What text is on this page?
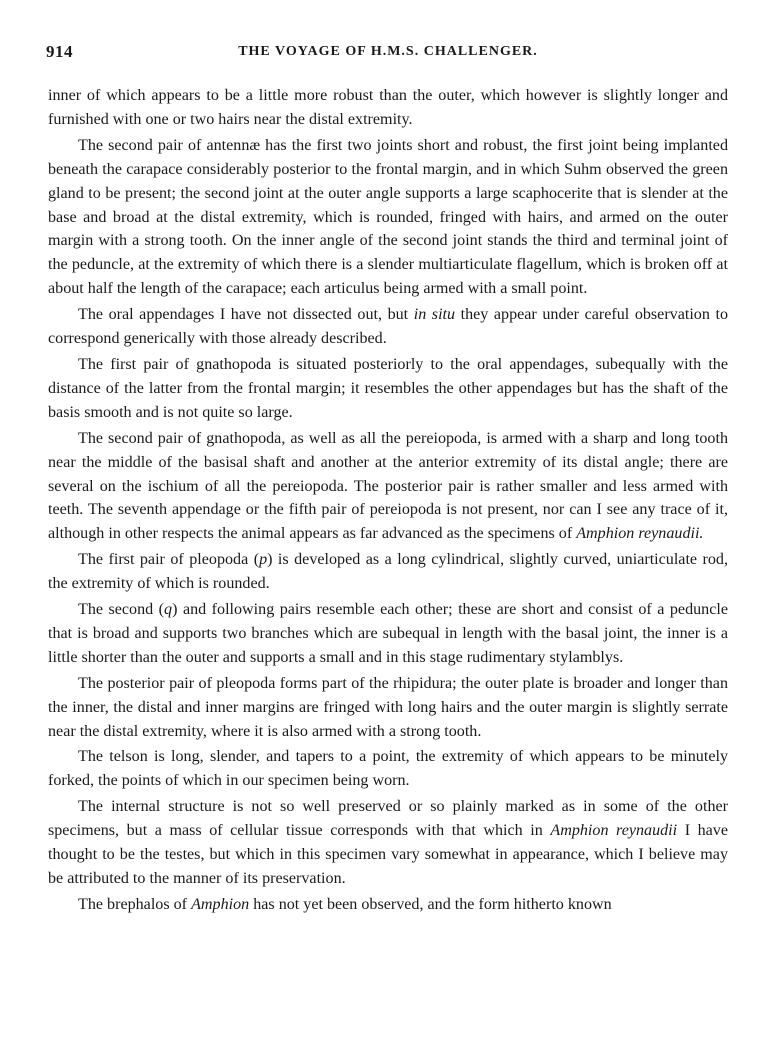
914	THE VOYAGE OF H.M.S. CHALLENGER.

inner of which appears to be a little more robust than the outer, which however is slightly longer and furnished with one or two hairs near the distal extremity.

The second pair of antennæ has the first two joints short and robust, the first joint being implanted beneath the carapace considerably posterior to the frontal margin, and in which Suhm observed the green gland to be present; the second joint at the outer angle supports a large scaphocerite that is slender at the base and broad at the distal extremity, which is rounded, fringed with hairs, and armed on the outer margin with a strong tooth. On the inner angle of the second joint stands the third and terminal joint of the peduncle, at the extremity of which there is a slender multiarticulate flagellum, which is broken off at about half the length of the carapace; each articulus being armed with a small point.

The oral appendages I have not dissected out, but in situ they appear under careful observation to correspond generically with those already described.

The first pair of gnathopoda is situated posteriorly to the oral appendages, subequally with the distance of the latter from the frontal margin; it resembles the other appendages but has the shaft of the basis smooth and is not quite so large.

The second pair of gnathopoda, as well as all the pereiopoda, is armed with a sharp and long tooth near the middle of the basisal shaft and another at the anterior extremity of its distal angle; there are several on the ischium of all the pereiopoda. The posterior pair is rather smaller and less armed with teeth. The seventh appendage or the fifth pair of pereiopoda is not present, nor can I see any trace of it, although in other respects the animal appears as far advanced as the specimens of Amphion reynaudii.

The first pair of pleopoda (p) is developed as a long cylindrical, slightly curved, uniarticulate rod, the extremity of which is rounded.

The second (q) and following pairs resemble each other; these are short and consist of a peduncle that is broad and supports two branches which are subequal in length with the basal joint, the inner is a little shorter than the outer and supports a small and in this stage rudimentary stylamblys.

The posterior pair of pleopoda forms part of the rhipidura; the outer plate is broader and longer than the inner, the distal and inner margins are fringed with long hairs and the outer margin is slightly serrate near the distal extremity, where it is also armed with a strong tooth.

The telson is long, slender, and tapers to a point, the extremity of which appears to be minutely forked, the points of which in our specimen being worn.

The internal structure is not so well preserved or so plainly marked as in some of the other specimens, but a mass of cellular tissue corresponds with that which in Amphion reynaudii I have thought to be the testes, but which in this specimen vary somewhat in appearance, which I believe may be attributed to the manner of its preservation.

The brephalos of Amphion has not yet been observed, and the form hitherto known
